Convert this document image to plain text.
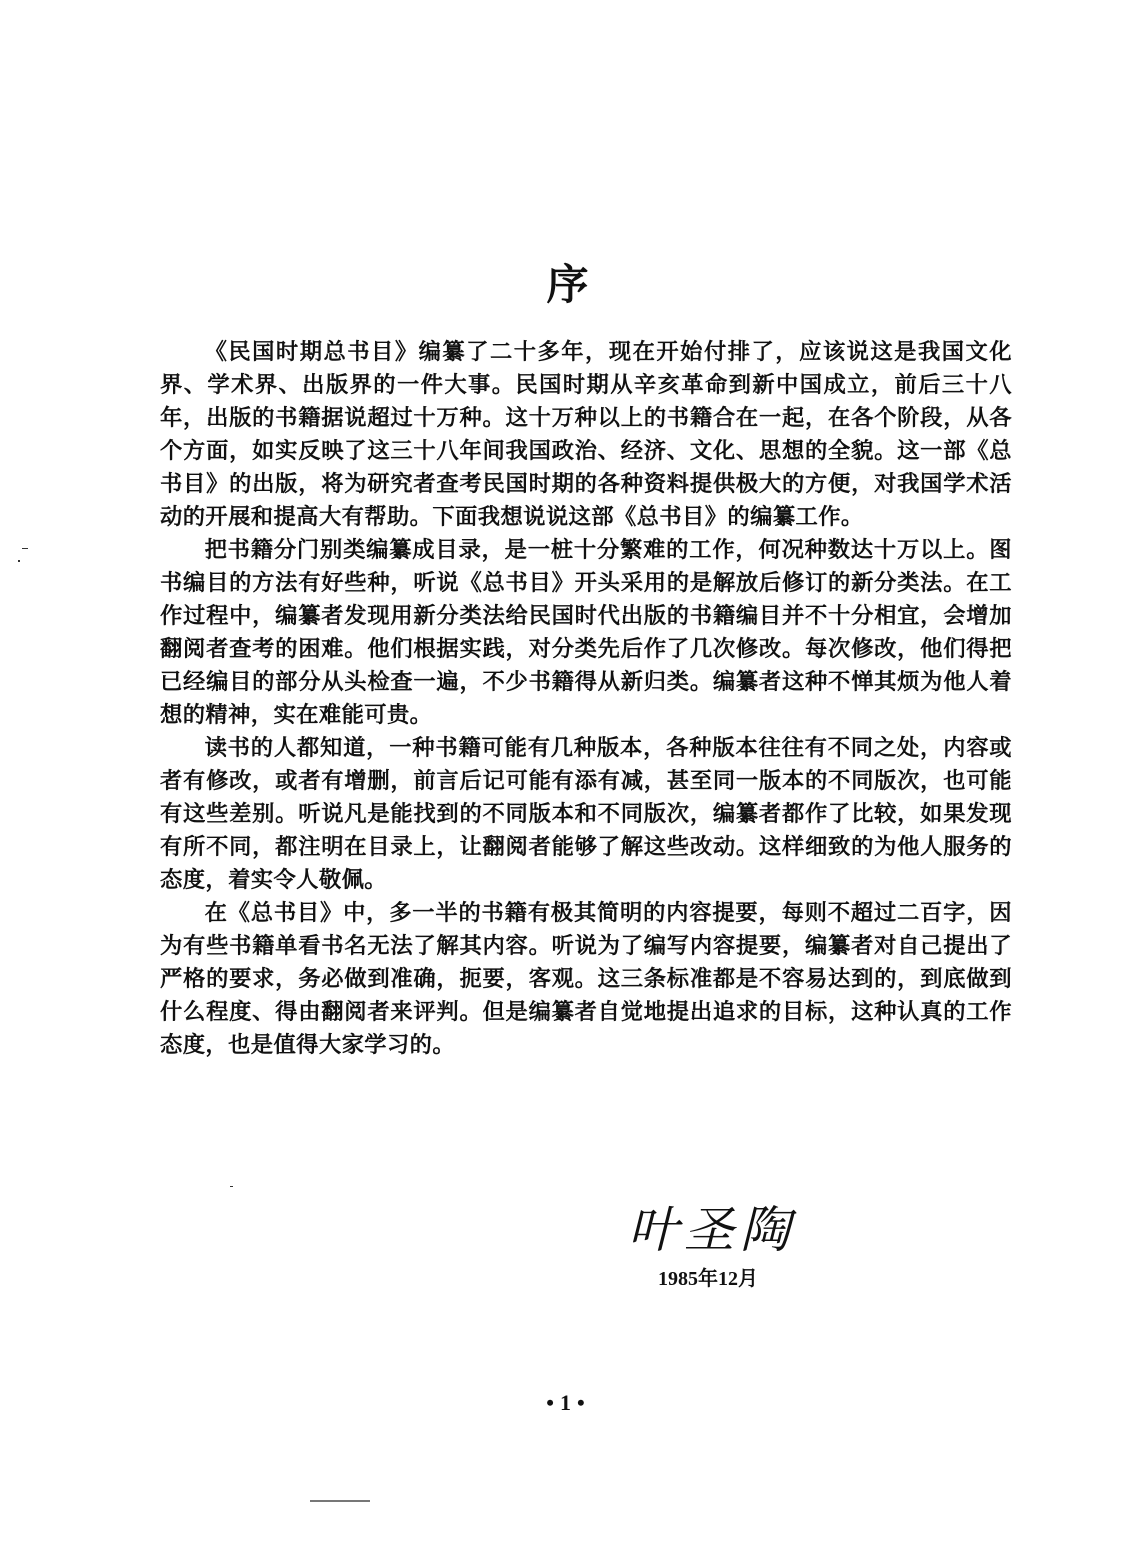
序

《民国时期总书目》编纂了二十多年，现在开始付排了，应该说这是我国文化界、学术界、出版界的一件大事。民国时期从辛亥革命到新中国成立，前后三十八年，出版的书籍据说超过十万种。这十万种以上的书籍合在一起，在各个阶段，从各个方面，如实反映了这三十八年间我国政治、经济、文化、思想的全貌。这一部《总书目》的出版，将为研究者查考民国时期的各种资料提供极大的方便，对我国学术活动的开展和提高大有帮助。下面我想说说这部《总书目》的编纂工作。

把书籍分门别类编纂成目录，是一桩十分繁难的工作，何况种数达十万以上。图书编目的方法有好些种，听说《总书目》开头采用的是解放后修订的新分类法。在工作过程中，编纂者发现用新分类法给民国时代出版的书籍编目并不十分相宜，会增加翻阅者查考的困难。他们根据实践，对分类先后作了几次修改。每次修改，他们得把已经编目的部分从头检查一遍，不少书籍得从新归类。编纂者这种不惮其烦为他人着想的精神，实在难能可贵。

读书的人都知道，一种书籍可能有几种版本，各种版本往往有不同之处，内容或者有修改，或者有增删，前言后记可能有添有减，甚至同一版本的不同版次，也可能有这些差别。听说凡是能找到的不同版本和不同版次，编纂者都作了比较，如果发现有所不同，都注明在目录上，让翻阅者能够了解这些改动。这样细致的为他人服务的态度，着实令人敬佩。

在《总书目》中，多一半的书籍有极其简明的内容提要，每则不超过二百字，因为有些书籍单看书名无法了解其内容。听说为了编写内容提要，编纂者对自己提出了严格的要求，务必做到准确，扼要，客观。这三条标准都是不容易达到的，到底做到什么程度、得由翻阅者来评判。但是编纂者自觉地提出追求的目标，这种认真的工作态度，也是值得大家学习的。

叶圣陶
1985年12月
•1•
